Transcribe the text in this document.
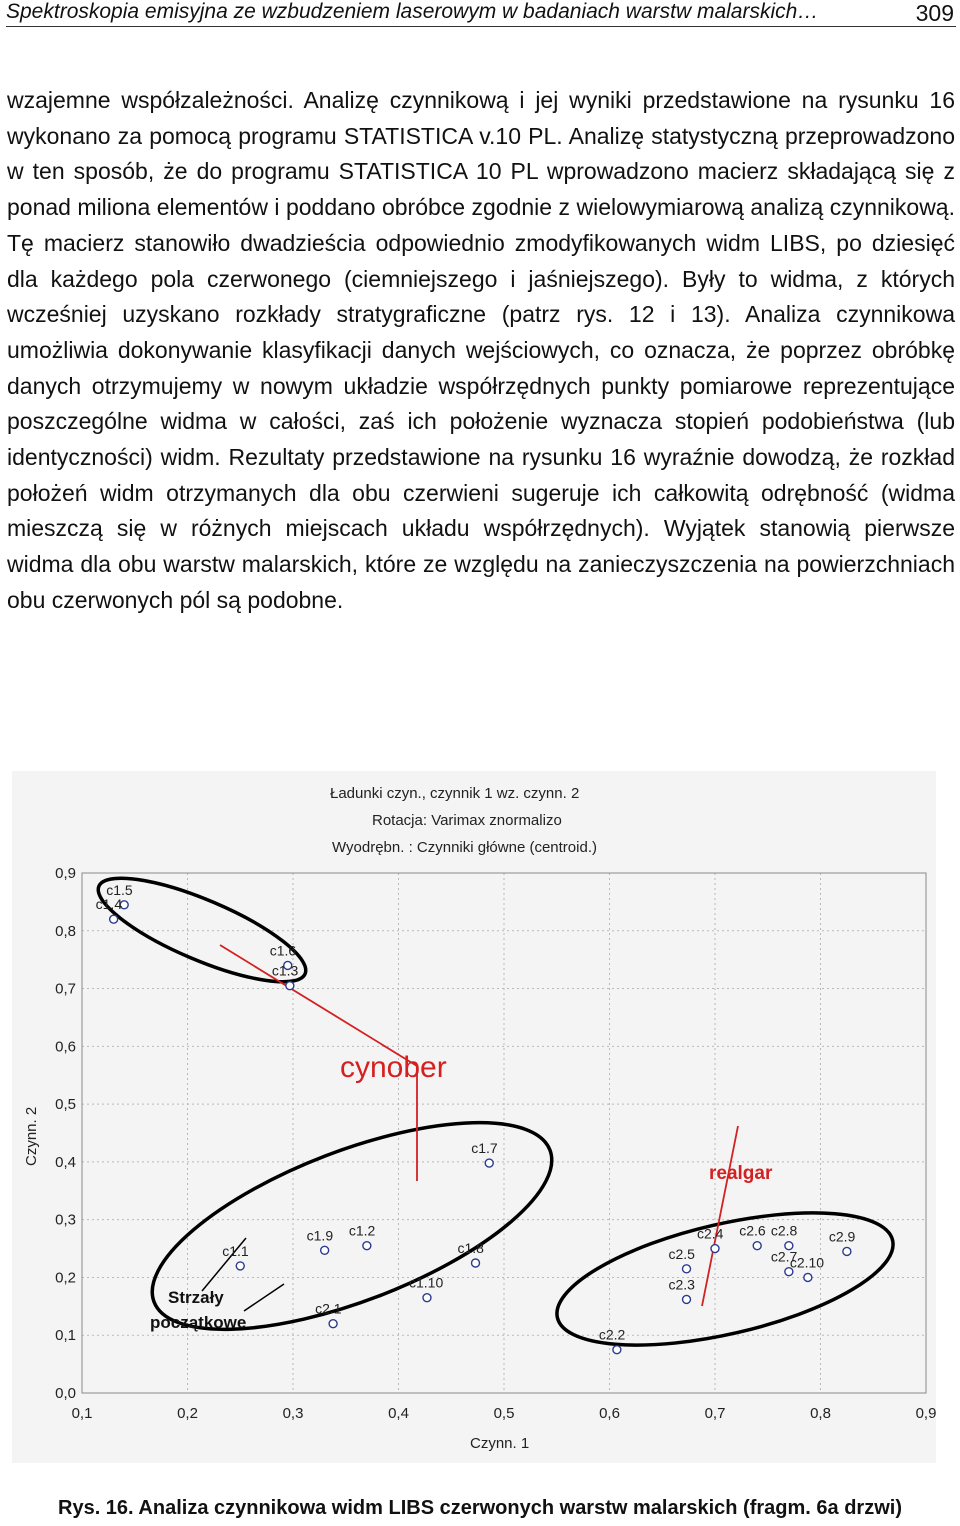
Spektroskopia emisyjna ze wzbudzeniem laserowym w badaniach warstw malarskich…	309
wzajemne współzależności. Analizę czynnikową i jej wyniki przedstawione na rysunku 16 wykonano za pomocą programu STATISTICA v.10 PL. Analizę statystyczną przeprowadzono w ten sposób, że do programu STATISTICA 10 PL wprowadzono macierz składającą się z ponad miliona elementów i poddano obróbce zgodnie z wielowymiarową analizą czynnikową. Tę macierz stanowiło dwadzieścia odpowiednio zmodyfikowanych widm LIBS, po dziesięć dla każdego pola czerwonego (ciemniejszego i jaśniejszego). Były to widma, z których wcześniej uzyskano rozkłady stratygraficzne (patrz rys. 12 i 13). Analiza czynnikowa umożliwia dokonywanie klasyfikacji danych wejściowych, co oznacza, że poprzez obróbkę danych otrzymujemy w nowym układzie współrzędnych punkty pomiarowe reprezentujące poszczególne widma w całości, zaś ich położenie wyznacza stopień podobieństwa (lub identyczności) widm. Rezultaty przedstawione na rysunku 16 wyraźnie dowodzą, że rozkład położeń widm otrzymanych dla obu czerwieni sugeruje ich całkowitą odrębność (widma mieszczą się w różnych miejscach układu współrzędnych). Wyjątek stanowią pierwsze widma dla obu warstw malarskich, które ze względu na zanieczyszczenia na powierzchniach obu czerwonych pól są podobne.
c1.5
c1.4
c1.6
c1.3
c1.7
c1.9 c1.2
c1.1	c1.8
c1.10
c2.1
c2.4 c2.6 c2.8 c2.9
c2.5	c2.7
c2.10
c2.3
c2.2
0,1	0,2	0,3	0,4	0,5	0,6	0,7	0,8	0,9
0,0
0,1
0,2
0,3
0,4
0,5
0,6
0,7
0,8
0,9
Ładunki czyn., czynnik 1 wz. czynn. 2
Rotacja: Varimax znormalizo
Wyodrębn. : Czynniki główne (centroid.)
Czynn. 1
Czynn. 2
cynober
realgar
Strzały
początkowe
Rys. 16. Analiza czynnikowa widm LIBS czerwonych warstw malarskich (fragm. 6a drzwi)
